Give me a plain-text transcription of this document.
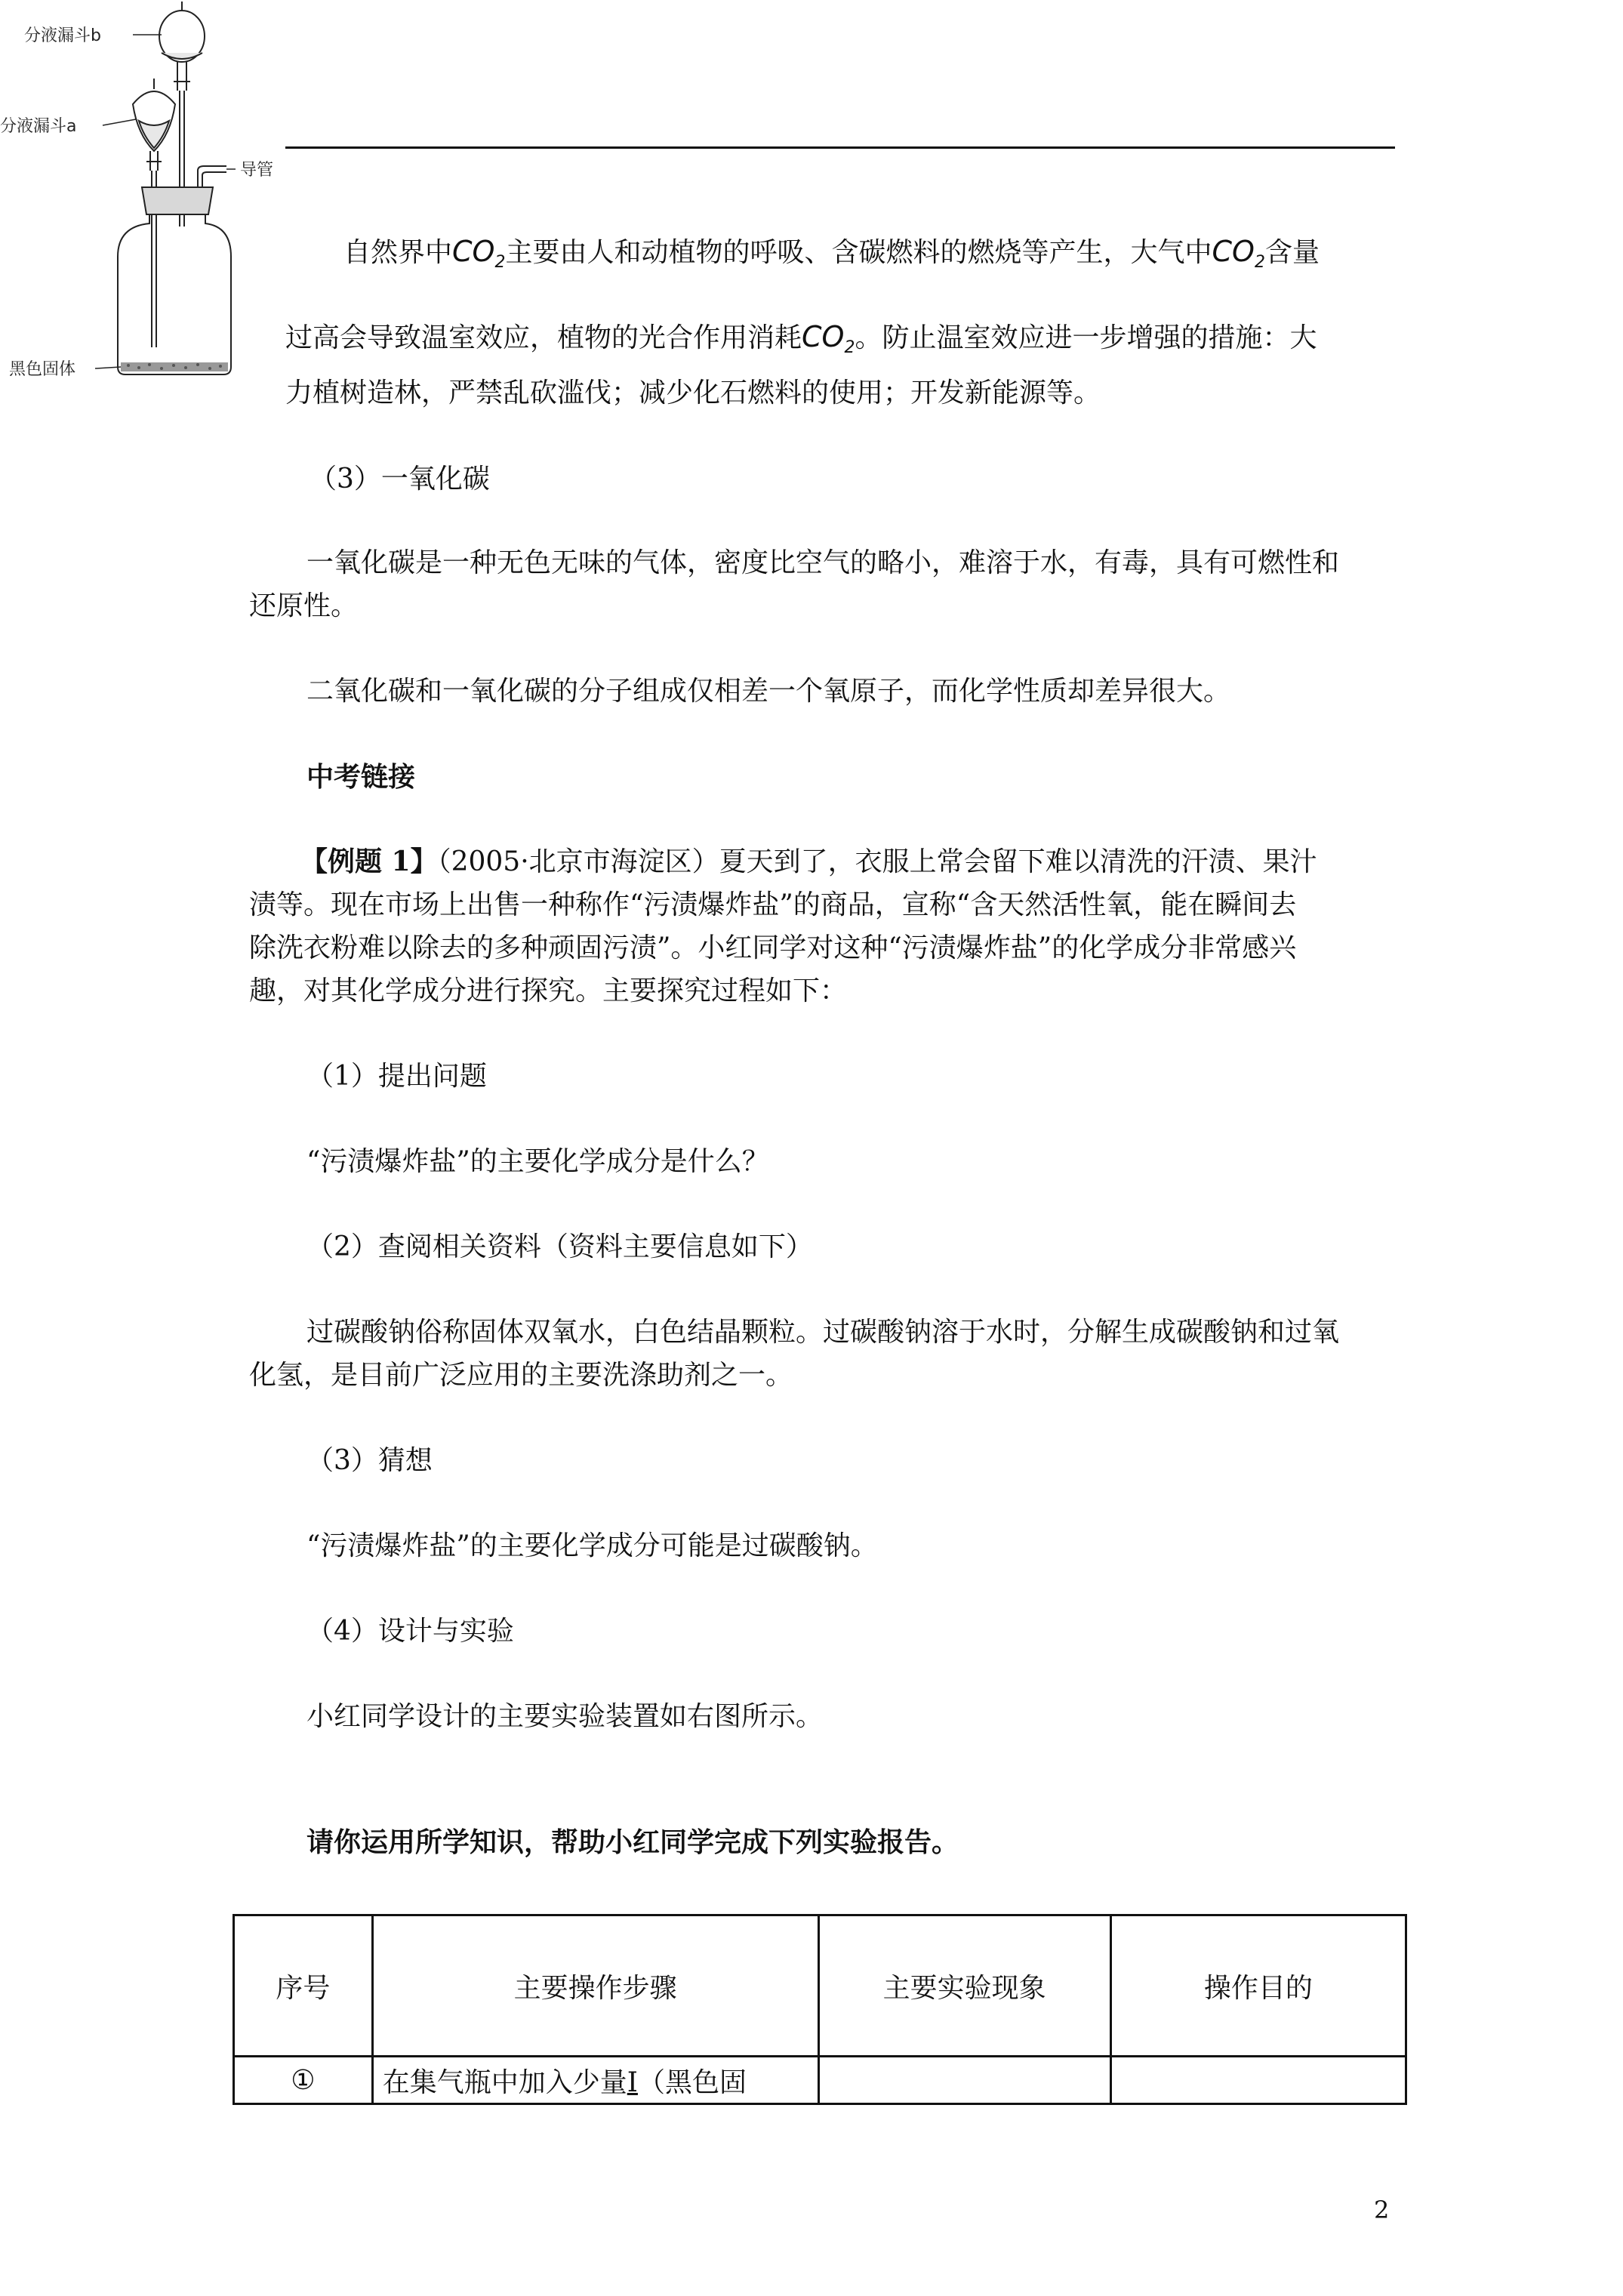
分液漏斗b
分液漏斗a
导管
黑色固体

自然界中$CO_2$主要由人和动植物的呼吸、含碳燃料的燃烧等产生，大气中$CO_2$含量

过高会导致温室效应，植物的光合作用消耗$CO_2$。防止温室效应进一步增强的措施：大

力植树造林，严禁乱砍滥伐；减少化石燃料的使用；开发新能源等。

（3）一氧化碳

一氧化碳是一种无色无味的气体，密度比空气的略小，难溶于水，有毒，具有可燃性和

还原性。

二氧化碳和一氧化碳的分子组成仅相差一个氧原子，而化学性质却差异很大。

中考链接

【例题 1】（2005·北京市海淀区）夏天到了，衣服上常会留下难以清洗的汗渍、果汁

渍等。现在市场上出售一种称作“污渍爆炸盐”的商品，宣称“含天然活性氧，能在瞬间去

除洗衣粉难以除去的多种顽固污渍”。小红同学对这种“污渍爆炸盐”的化学成分非常感兴

趣，对其化学成分进行探究。主要探究过程如下：

（1）提出问题

“污渍爆炸盐”的主要化学成分是什么？

（2）查阅相关资料（资料主要信息如下）

过碳酸钠俗称固体双氧水，白色结晶颗粒。过碳酸钠溶于水时，分解生成碳酸钠和过氧

化氢，是目前广泛应用的主要洗涤助剂之一。

（3）猜想

“污渍爆炸盐”的主要化学成分可能是过碳酸钠。

（4）设计与实验

小红同学设计的主要实验装置如右图所示。

请你运用所学知识，帮助小红同学完成下列实验报告。

序号	主要操作步骤	主要实验现象	操作目的
①	在集气瓶中加入少量I（黑色固		
2
